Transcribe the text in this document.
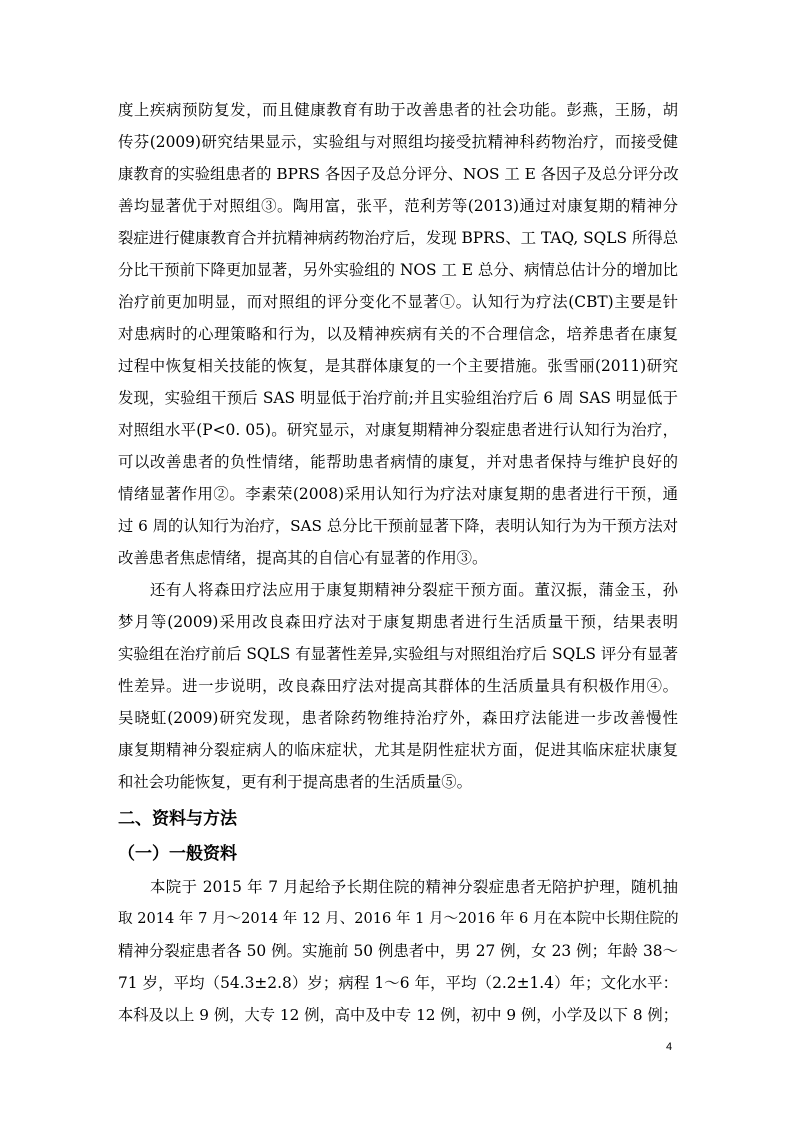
度上疾病预防复发，而且健康教育有助于改善患者的社会功能。彭燕，王肠，胡
传芬(2009)研究结果显示，实验组与对照组均接受抗精神科药物治疗，而接受健
康教育的实验组患者的 BPRS 各因子及总分评分、NOS 工 E 各因子及总分评分改
善均显著优于对照组③。陶用富，张平，范利芳等(2013)通过对康复期的精神分
裂症进行健康教育合并抗精神病药物治疗后，发现 BPRS、工 TAQ, SQLS 所得总
分比干预前下降更加显著，另外实验组的 NOS 工 E 总分、病情总估计分的增加比
治疗前更加明显，而对照组的评分变化不显著①。认知行为疗法(CBT)主要是针
对患病时的心理策略和行为，以及精神疾病有关的不合理信念，培养患者在康复
过程中恢复相关技能的恢复，是其群体康复的一个主要措施。张雪丽(2011)研究
发现，实验组干预后 SAS 明显低于治疗前;并且实验组治疗后 6 周 SAS 明显低于
对照组水平(P<0. 05)。研究显示，对康复期精神分裂症患者进行认知行为治疗，
可以改善患者的负性情绪，能帮助患者病情的康复，并对患者保持与维护良好的
情绪显著作用②。李素荣(2008)采用认知行为疗法对康复期的患者进行干预，通
过 6 周的认知行为治疗，SAS 总分比干预前显著下降，表明认知行为为干预方法对
改善患者焦虑情绪，提高其的自信心有显著的作用③。
还有人将森田疗法应用于康复期精神分裂症干预方面。董汉振，蒲金玉，孙
梦月等(2009)采用改良森田疗法对于康复期患者进行生活质量干预，结果表明
实验组在治疗前后 SQLS 有显著性差异,实验组与对照组治疗后 SQLS 评分有显著
性差异。进一步说明，改良森田疗法对提高其群体的生活质量具有积极作用④。
吴晓虹(2009)研究发现，患者除药物维持治疗外，森田疗法能进一步改善慢性
康复期精神分裂症病人的临床症状，尤其是阴性症状方面，促进其临床症状康复
和社会功能恢复，更有利于提高患者的生活质量⑤。
二、资料与方法
（一）一般资料
本院于 2015 年 7 月起给予长期住院的精神分裂症患者无陪护护理，随机抽
取 2014 年 7 月～2014 年 12 月、2016 年 1 月～2016 年 6 月在本院中长期住院的
精神分裂症患者各 50 例。实施前 50 例患者中，男 27 例，女 23 例；年龄 38～
71 岁，平均（54.3±2.8）岁；病程 1～6 年，平均（2.2±1.4）年；文化水平：
本科及以上 9 例，大专 12 例，高中及中专 12 例，初中 9 例，小学及以下 8 例；
4
